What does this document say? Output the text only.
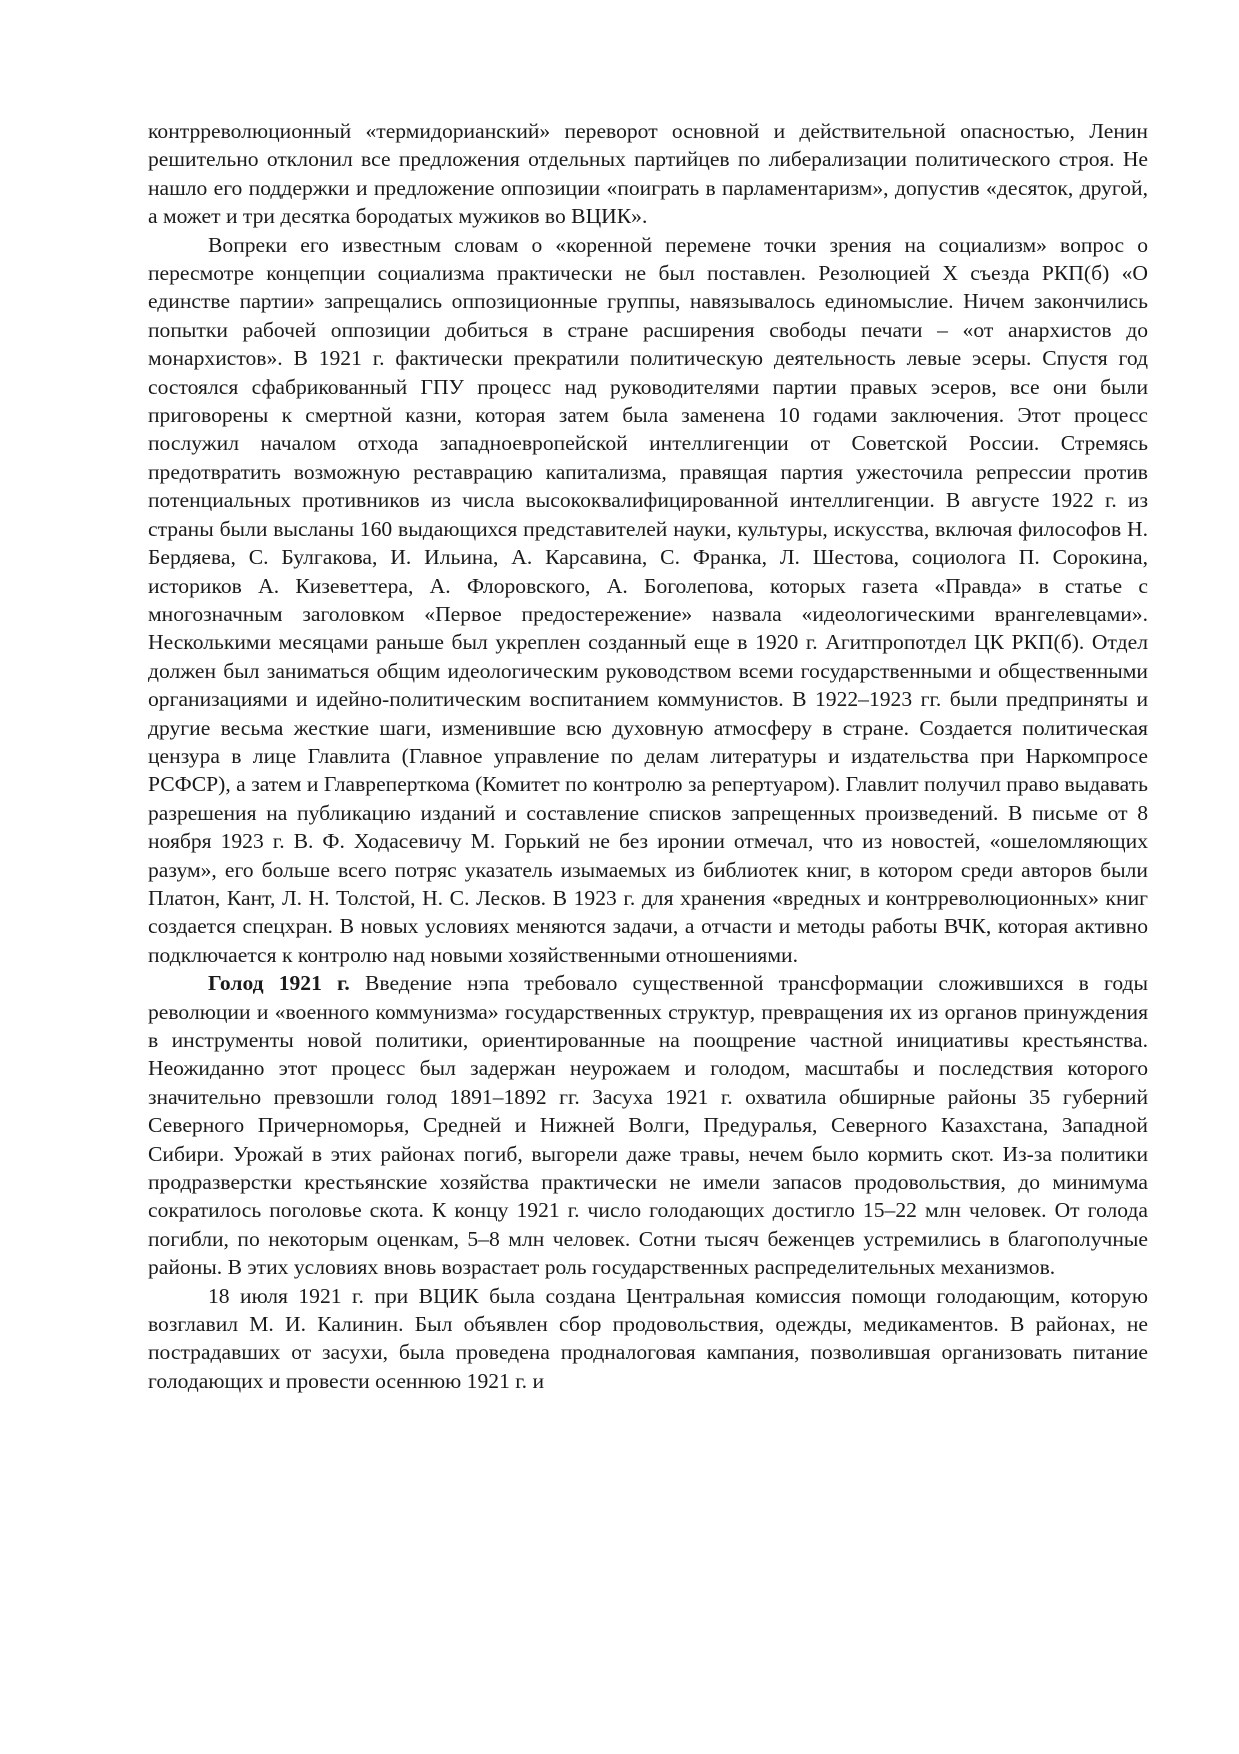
контрреволюционный «термидорианский» переворот основной и действительной опасностью, Ленин решительно отклонил все предложения отдельных партийцев по либерализации политического строя. Не нашло его поддержки и предложение оппозиции «поиграть в парламентаризм», допустив «десяток, другой, а может и три десятка бородатых мужиков во ВЦИК».

Вопреки его известным словам о «коренной перемене точки зрения на социализм» вопрос о пересмотре концепции социализма практически не был поставлен. Резолюцией X съезда РКП(б) «О единстве партии» запрещались оппозиционные группы, навязывалось единомыслие. Ничем закончились попытки рабочей оппозиции добиться в стране расширения свободы печати – «от анархистов до монархистов». В 1921 г. фактически прекратили политическую деятельность левые эсеры. Спустя год состоялся сфабрикованный ГПУ процесс над руководителями партии правых эсеров, все они были приговорены к смертной казни, которая затем была заменена 10 годами заключения. Этот процесс послужил началом отхода западноевропейской интеллигенции от Советской России. Стремясь предотвратить возможную реставрацию капитализма, правящая партия ужесточила репрессии против потенциальных противников из числа высококвалифицированной интеллигенции. В августе 1922 г. из страны были высланы 160 выдающихся представителей науки, культуры, искусства, включая философов Н. Бердяева, С. Булгакова, И. Ильина, А. Карсавина, С. Франка, Л. Шестова, социолога П. Сорокина, историков А. Кизеветтера, А. Флоровского, А. Боголепова, которых газета «Правда» в статье с многозначным заголовком «Первое предостережение» назвала «идеологическими врангелевцами». Несколькими месяцами раньше был укреплен созданный еще в 1920 г. Агитпропотдел ЦК РКП(б). Отдел должен был заниматься общим идеологическим руководством всеми государственными и общественными организациями и идейно-политическим воспитанием коммунистов. В 1922–1923 гг. были предприняты и другие весьма жесткие шаги, изменившие всю духовную атмосферу в стране. Создается политическая цензура в лице Главлита (Главное управление по делам литературы и издательства при Наркомпросе РСФСР), а затем и Главреперткома (Комитет по контролю за репертуаром). Главлит получил право выдавать разрешения на публикацию изданий и составление списков запрещенных произведений. В письме от 8 ноября 1923 г. В. Ф. Ходасевичу М. Горький не без иронии отмечал, что из новостей, «ошеломляющих разум», его больше всего потряс указатель изымаемых из библиотек книг, в котором среди авторов были Платон, Кант, Л. Н. Толстой, Н. С. Лесков. В 1923 г. для хранения «вредных и контрреволюционных» книг создается спецхран. В новых условиях меняются задачи, а отчасти и методы работы ВЧК, которая активно подключается к контролю над новыми хозяйственными отношениями.

Голод 1921 г. Введение нэпа требовало существенной трансформации сложившихся в годы революции и «военного коммунизма» государственных структур, превращения их из органов принуждения в инструменты новой политики, ориентированные на поощрение частной инициативы крестьянства. Неожиданно этот процесс был задержан неурожаем и голодом, масштабы и последствия которого значительно превзошли голод 1891–1892 гг. Засуха 1921 г. охватила обширные районы 35 губерний Северного Причерноморья, Средней и Нижней Волги, Предуралья, Северного Казахстана, Западной Сибири. Урожай в этих районах погиб, выгорели даже травы, нечем было кормить скот. Из-за политики продразверстки крестьянские хозяйства практически не имели запасов продовольствия, до минимума сократилось поголовье скота. К концу 1921 г. число голодающих достигло 15–22 млн человек. От голода погибли, по некоторым оценкам, 5–8 млн человек. Сотни тысяч беженцев устремились в благополучные районы. В этих условиях вновь возрастает роль государственных распределительных механизмов.

18 июля 1921 г. при ВЦИК была создана Центральная комиссия помощи голодающим, которую возглавил М. И. Калинин. Был объявлен сбор продовольствия, одежды, медикаментов. В районах, не пострадавших от засухи, была проведена продналоговая кампания, позволившая организовать питание голодающих и провести осеннюю 1921 г. и
